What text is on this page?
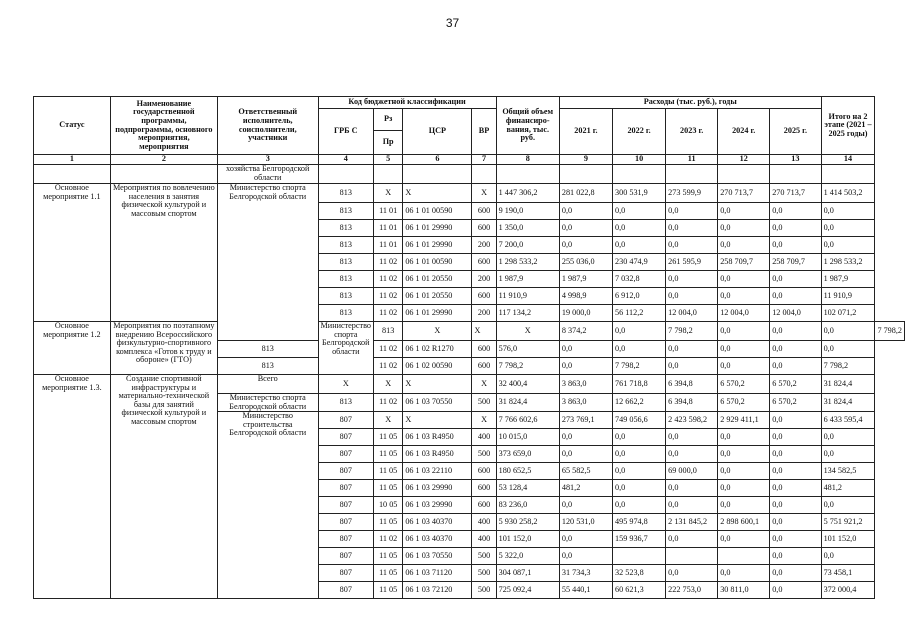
37
Статус	Наименование государственной программы, подпрограммы, основного мероприятия, мероприятия	Ответственный исполнитель, соисполнители, участники	Код бюджетной классификации				Общий объем финансиро- вания, тыс. руб.	Расходы (тыс. руб.), годы					Итого на 2 этапе (2021 – 2025 годы)	
			ГРБ С	Рз	ЦСР	ВР		2021 г.	2022 г.	2023 г.	2024 г.	2025 г.		
				Пр										
1	2	3	4	5	6	7	8	9	10	11	12	13	14	
		хозяйства Белгородской области												
Основное мероприятие 1.1	Мероприятия по вовлечению населения в занятия физической культурой и массовым спортом	Министерство спорта Белгородской области	813	X	X	X	1 447 306,2	281 022,8	300 531,9	273 599,9	270 713,7	270 713,7	1 414 503,2	
			813	11 01	06 1 01 00590	600	9 190,0	0,0	0,0	0,0	0,0	0,0	0,0	
			813	11 01	06 1 01 29990	600	1 350,0	0,0	0,0	0,0	0,0	0,0	0,0	
			813	11 01	06 1 01 29990	200	7 200,0	0,0	0,0	0,0	0,0	0,0	0,0	
			813	11 02	06 1 01 00590	600	1 298 533,2	255 036,0	230 474,9	261 595,9	258 709,7	258 709,7	1 298 533,2	
			813	11 02	06 1 01 20550	200	1 987,9	1 987,9	7 032,8	0,0	0,0	0,0	1 987,9	
			813	11 02	06 1 01 20550	600	11 910,9	4 998,9	6 912,0	0,0	0,0	0,0	11 910,9	
			813	11 02	06 1 01 29990	200	117 134,2	19 000,0	56 112,2	12 004,0	12 004,0	12 004,0	102 071,2	
Основное мероприятие 1.2	Мероприятия по поэтапному внедрению Всероссийского физкультурно-спортивного комплекса «Готов к труду и обороне» (ГТО)		Министерство спорта Белгородской области	813	X	X	X	8 374,2	0,0	7 798,2	0,0	0,0	0,0	7 798,2
		813		11 02	06 1 02 R1270	600	576,0	0,0	0,0	0,0	0,0	0,0	0,0	
		813		11 02	06 1 02 00590	600	7 798,2	0,0	7 798,2	0,0	0,0	0,0	7 798,2	
Основное мероприятие 1.3.	Создание спортивной инфраструктуры и материально-технической базы для занятий физической культурой и массовым спортом	Всего	X	X	X	X	32 400,4	3 863,0	761 718,8	6 394,8	6 570,2	6 570,2	31 824,4	
		Министерство спорта Белгородской области	813	11 02	06 1 03 70550	500	31 824,4	3 863,0	12 662,2	6 394,8	6 570,2	6 570,2	31 824,4	
		Министерство строительства Белгородской области	807	X	X	X	7 766 602,6	273 769,1	749 056,6	2 423 598,2	2 929 411,1	0,0	6 433 595,4	
			807	11 05	06 1 03 R4950	400	10 015,0	0,0	0,0	0,0	0,0	0,0	0,0	
			807	11 05	06 1 03 R4950	500	373 659,0	0,0	0,0	0,0	0,0	0,0	0,0	
			807	11 05	06 1 03 22110	600	180 652,5	65 582,5	0,0	69 000,0	0,0	0,0	134 582,5	
			807	11 05	06 1 03 29990	600	53 128,4	481,2	0,0	0,0	0,0	0,0	481,2	
			807	10 05	06 1 03 29990	600	83 236,0	0,0	0,0	0,0	0,0	0,0	0,0	
			807	11 05	06 1 03 40370	400	5 930 258,2	120 531,0	495 974,8	2 131 845,2	2 898 600,1	0,0	5 751 921,2	
			807	11 02	06 1 03 40370	400	101 152,0	0,0	159 936,7	0,0	0,0	0,0	101 152,0	
			807	11 05	06 1 03 70550	500	5 322,0	0,0				0,0	0,0	
			807	11 05	06 1 03 71120	500	304 087,1	31 734,3	32 523,8	0,0	0,0	0,0	73 458,1	
			807	11 05	06 1 03 72120	500	725 092,4	55 440,1	60 621,3	222 753,0	30 811,0	0,0	372 000,4	
